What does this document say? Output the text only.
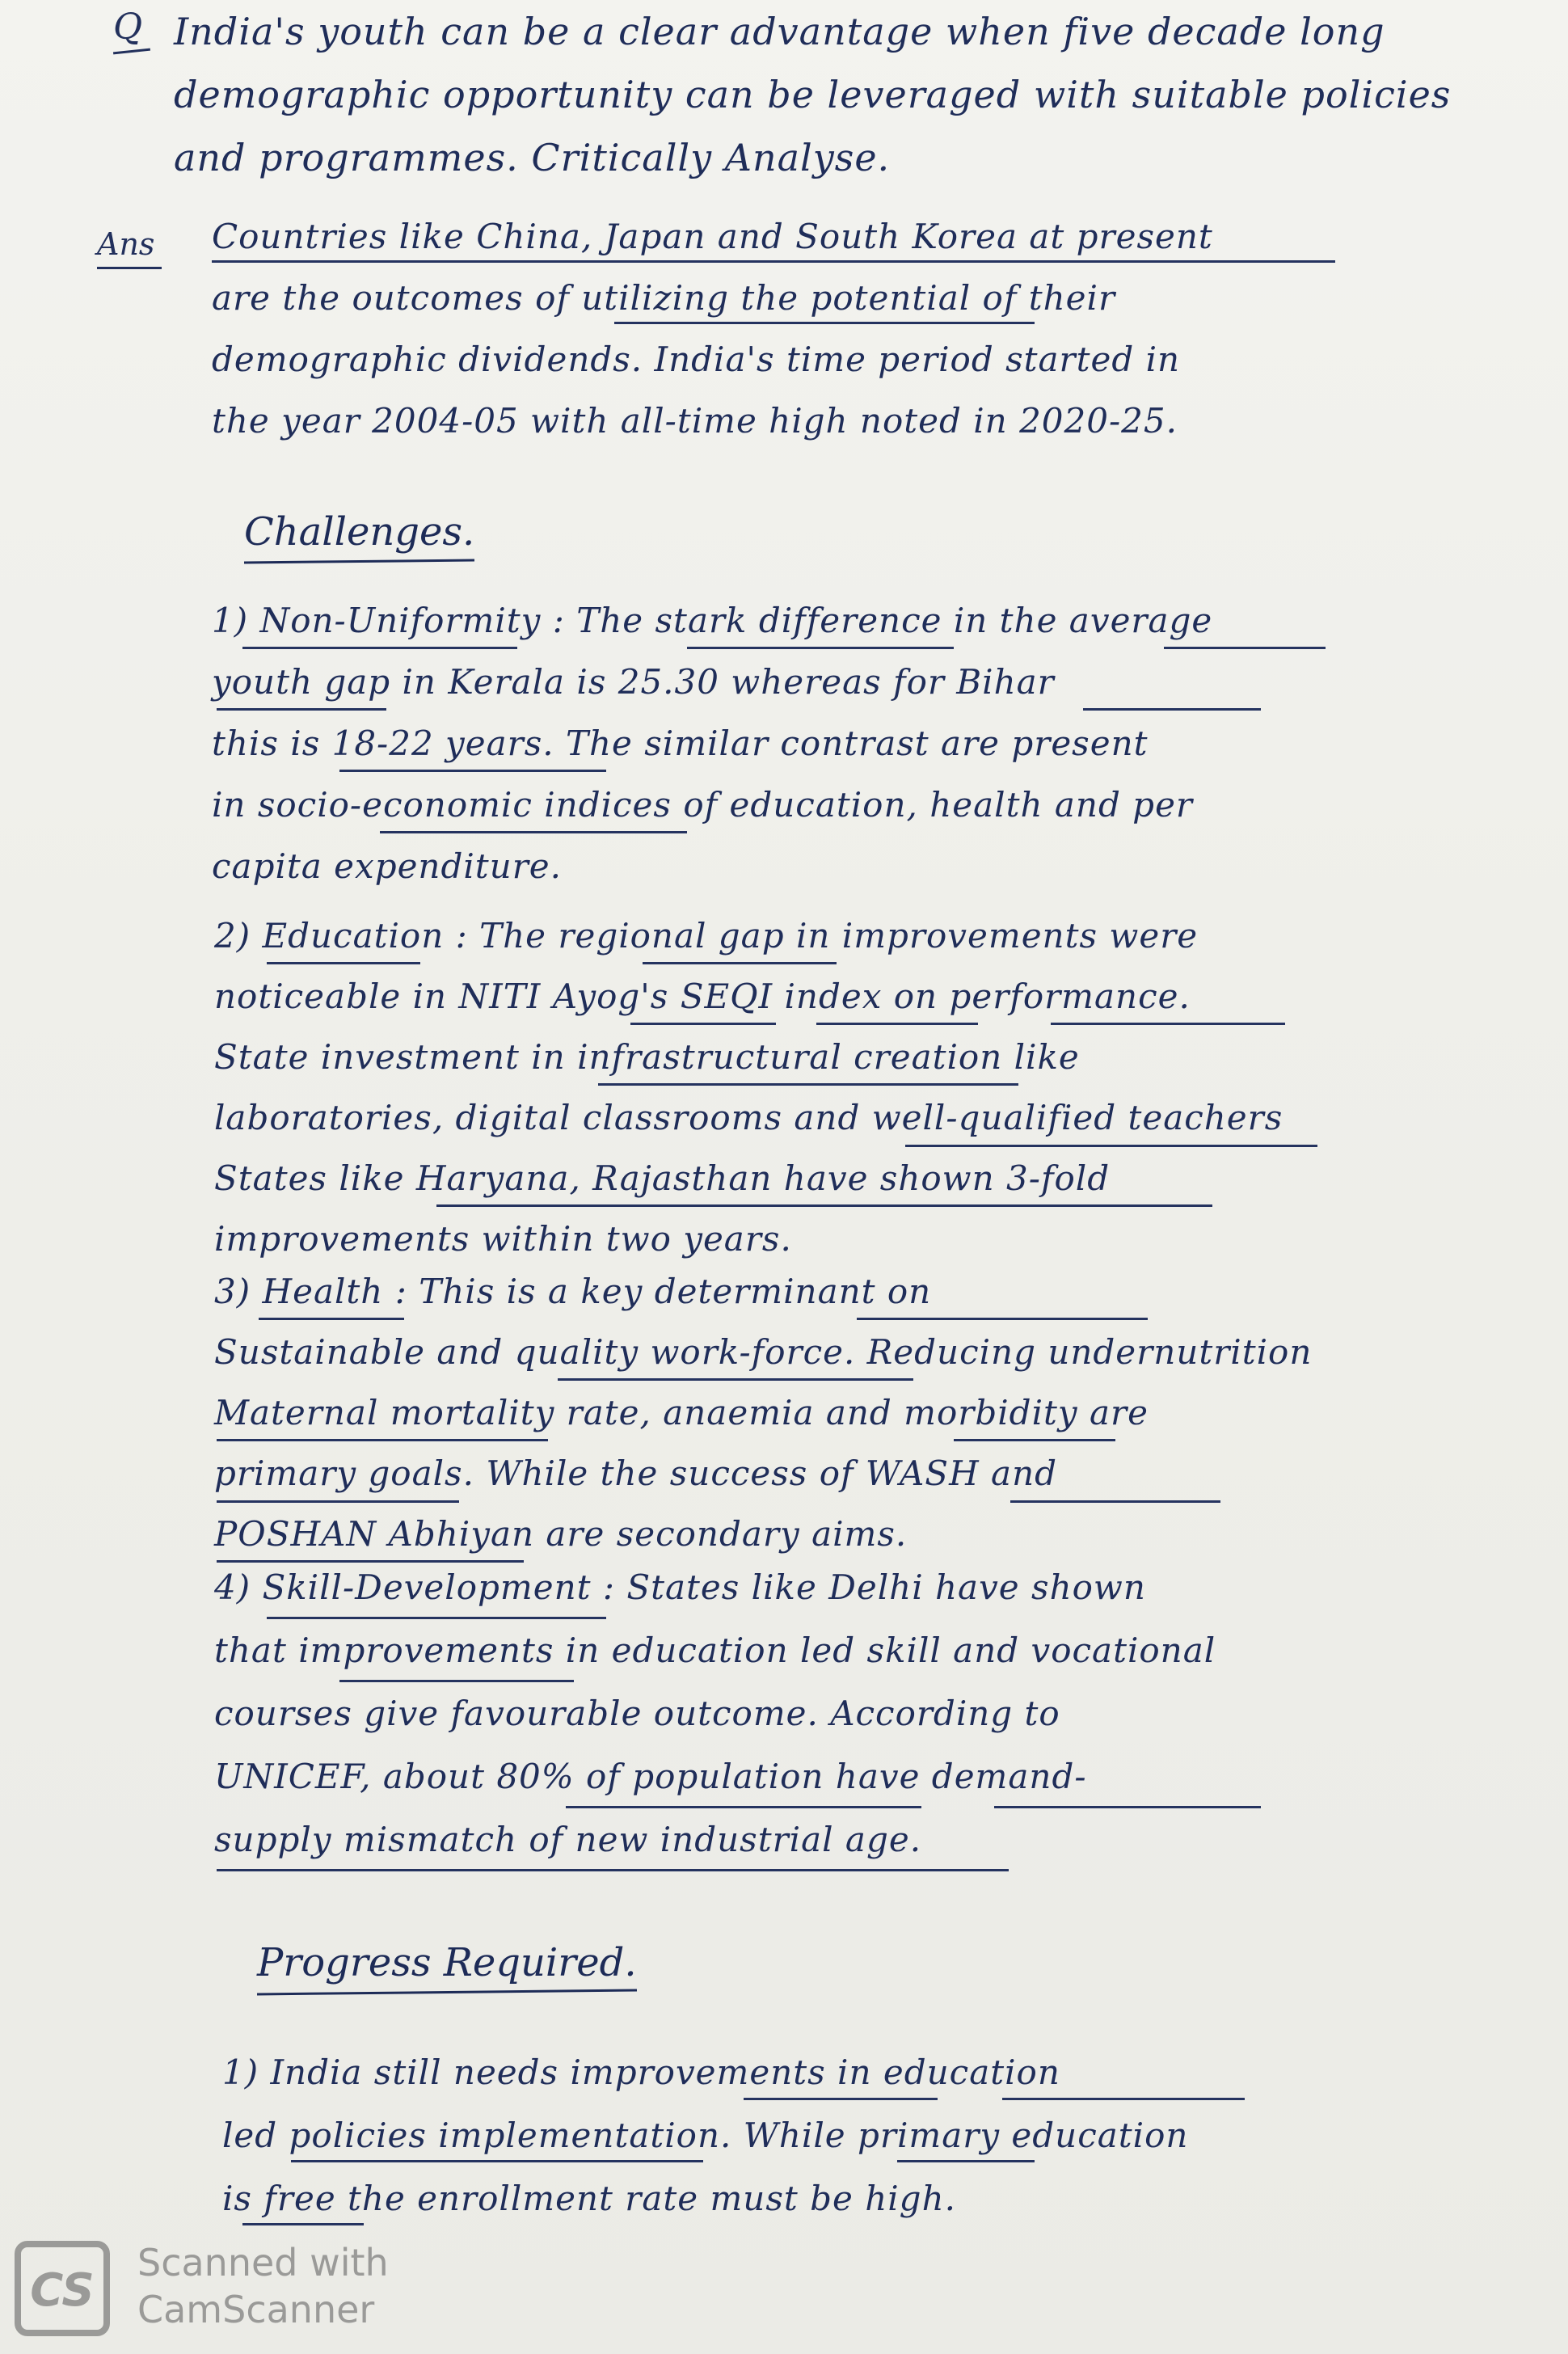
Q India's youth can be a clear advantage when five decade long demographic opportunity can be leveraged with suitable policies and programmes. Critically Analyse.
Ans Countries like China, Japan and South Korea at present
are the outcomes of utilizing the potential of their
demographic dividends. India's time period started in
the year 2004-05 with all-time high noted in 2020-25.
Challenges.
1) Non-Uniformity : The stark difference in the average
youth gap in Kerala is 25.30 whereas for Bihar
this is 18-22 years. The similar contrast are present
in socio-economic indices of education, health and per
capita expenditure.
2) Education : The regional gap in improvements were
noticeable in NITI Ayog's SEQI index on performance.
State investment in infrastructural creation like
laboratories, digital classrooms and well-qualified teachers
States like Haryana, Rajasthan have shown 3-fold
improvements within two years.
3) Health : This is a key determinant on
Sustainable and quality work-force. Reducing undernutrition
Maternal mortality rate, anaemia and morbidity are
primary goals. While the success of WASH and
POSHAN Abhiyan are secondary aims.
4) Skill-Development : States like Delhi have shown
that improvements in education led skill and vocational
courses give favourable outcome. According to
UNICEF, about 80% of population have demand-
supply mismatch of new industrial age.
Progress Required.
1) India still needs improvements in education
led policies implementation. While primary education
is free the enrollment rate must be high.
CS
Scanned with
CamScanner
